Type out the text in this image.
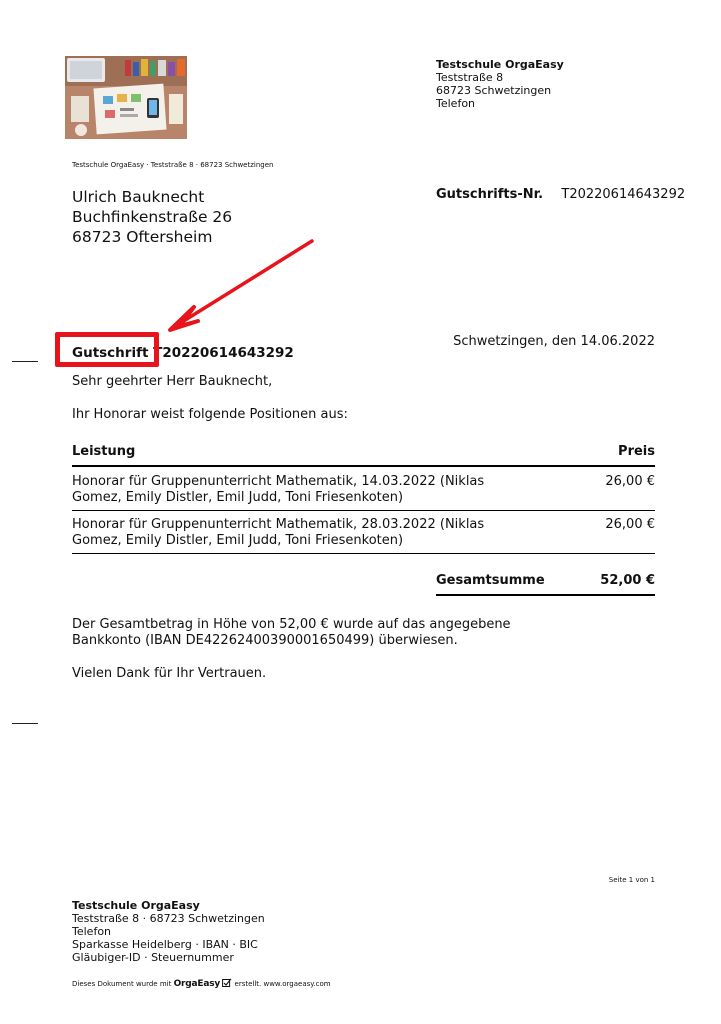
Testschule OrgaEasy
Teststraße 8
68723 Schwetzingen
Telefon
Testschule OrgaEasy · Teststraße 8 · 68723 Schwetzingen
Ulrich Bauknecht
Buchfinkenstraße 26
68723 Oftersheim
Gutschrifts-Nr. T20220614643292
Schwetzingen, den 14.06.2022
Gutschrift T20220614643292
Sehr geehrter Herr Bauknecht,
Ihr Honorar weist folgende Positionen aus:
Leistung	Preis
Honorar für Gruppenunterricht Mathematik, 14.03.2022 (Niklas
Gomez, Emily Distler, Emil Judd, Toni Friesenkoten)
26,00 €
Honorar für Gruppenunterricht Mathematik, 28.03.2022 (Niklas
Gomez, Emily Distler, Emil Judd, Toni Friesenkoten)
26,00 €
Gesamtsumme	52,00 €
Der Gesamtbetrag in Höhe von 52,00 € wurde auf das angegebene
Bankkonto (IBAN DE42262400390001650499) überwiesen.
Vielen Dank für Ihr Vertrauen.
Seite 1 von 1
Testschule OrgaEasy
Teststraße 8 · 68723 Schwetzingen
Telefon
Sparkasse Heidelberg · IBAN · BIC
Gläubiger-ID · Steuernummer
Dieses Dokument wurde mit OrgaEasy erstellt. www.orgaeasy.com
